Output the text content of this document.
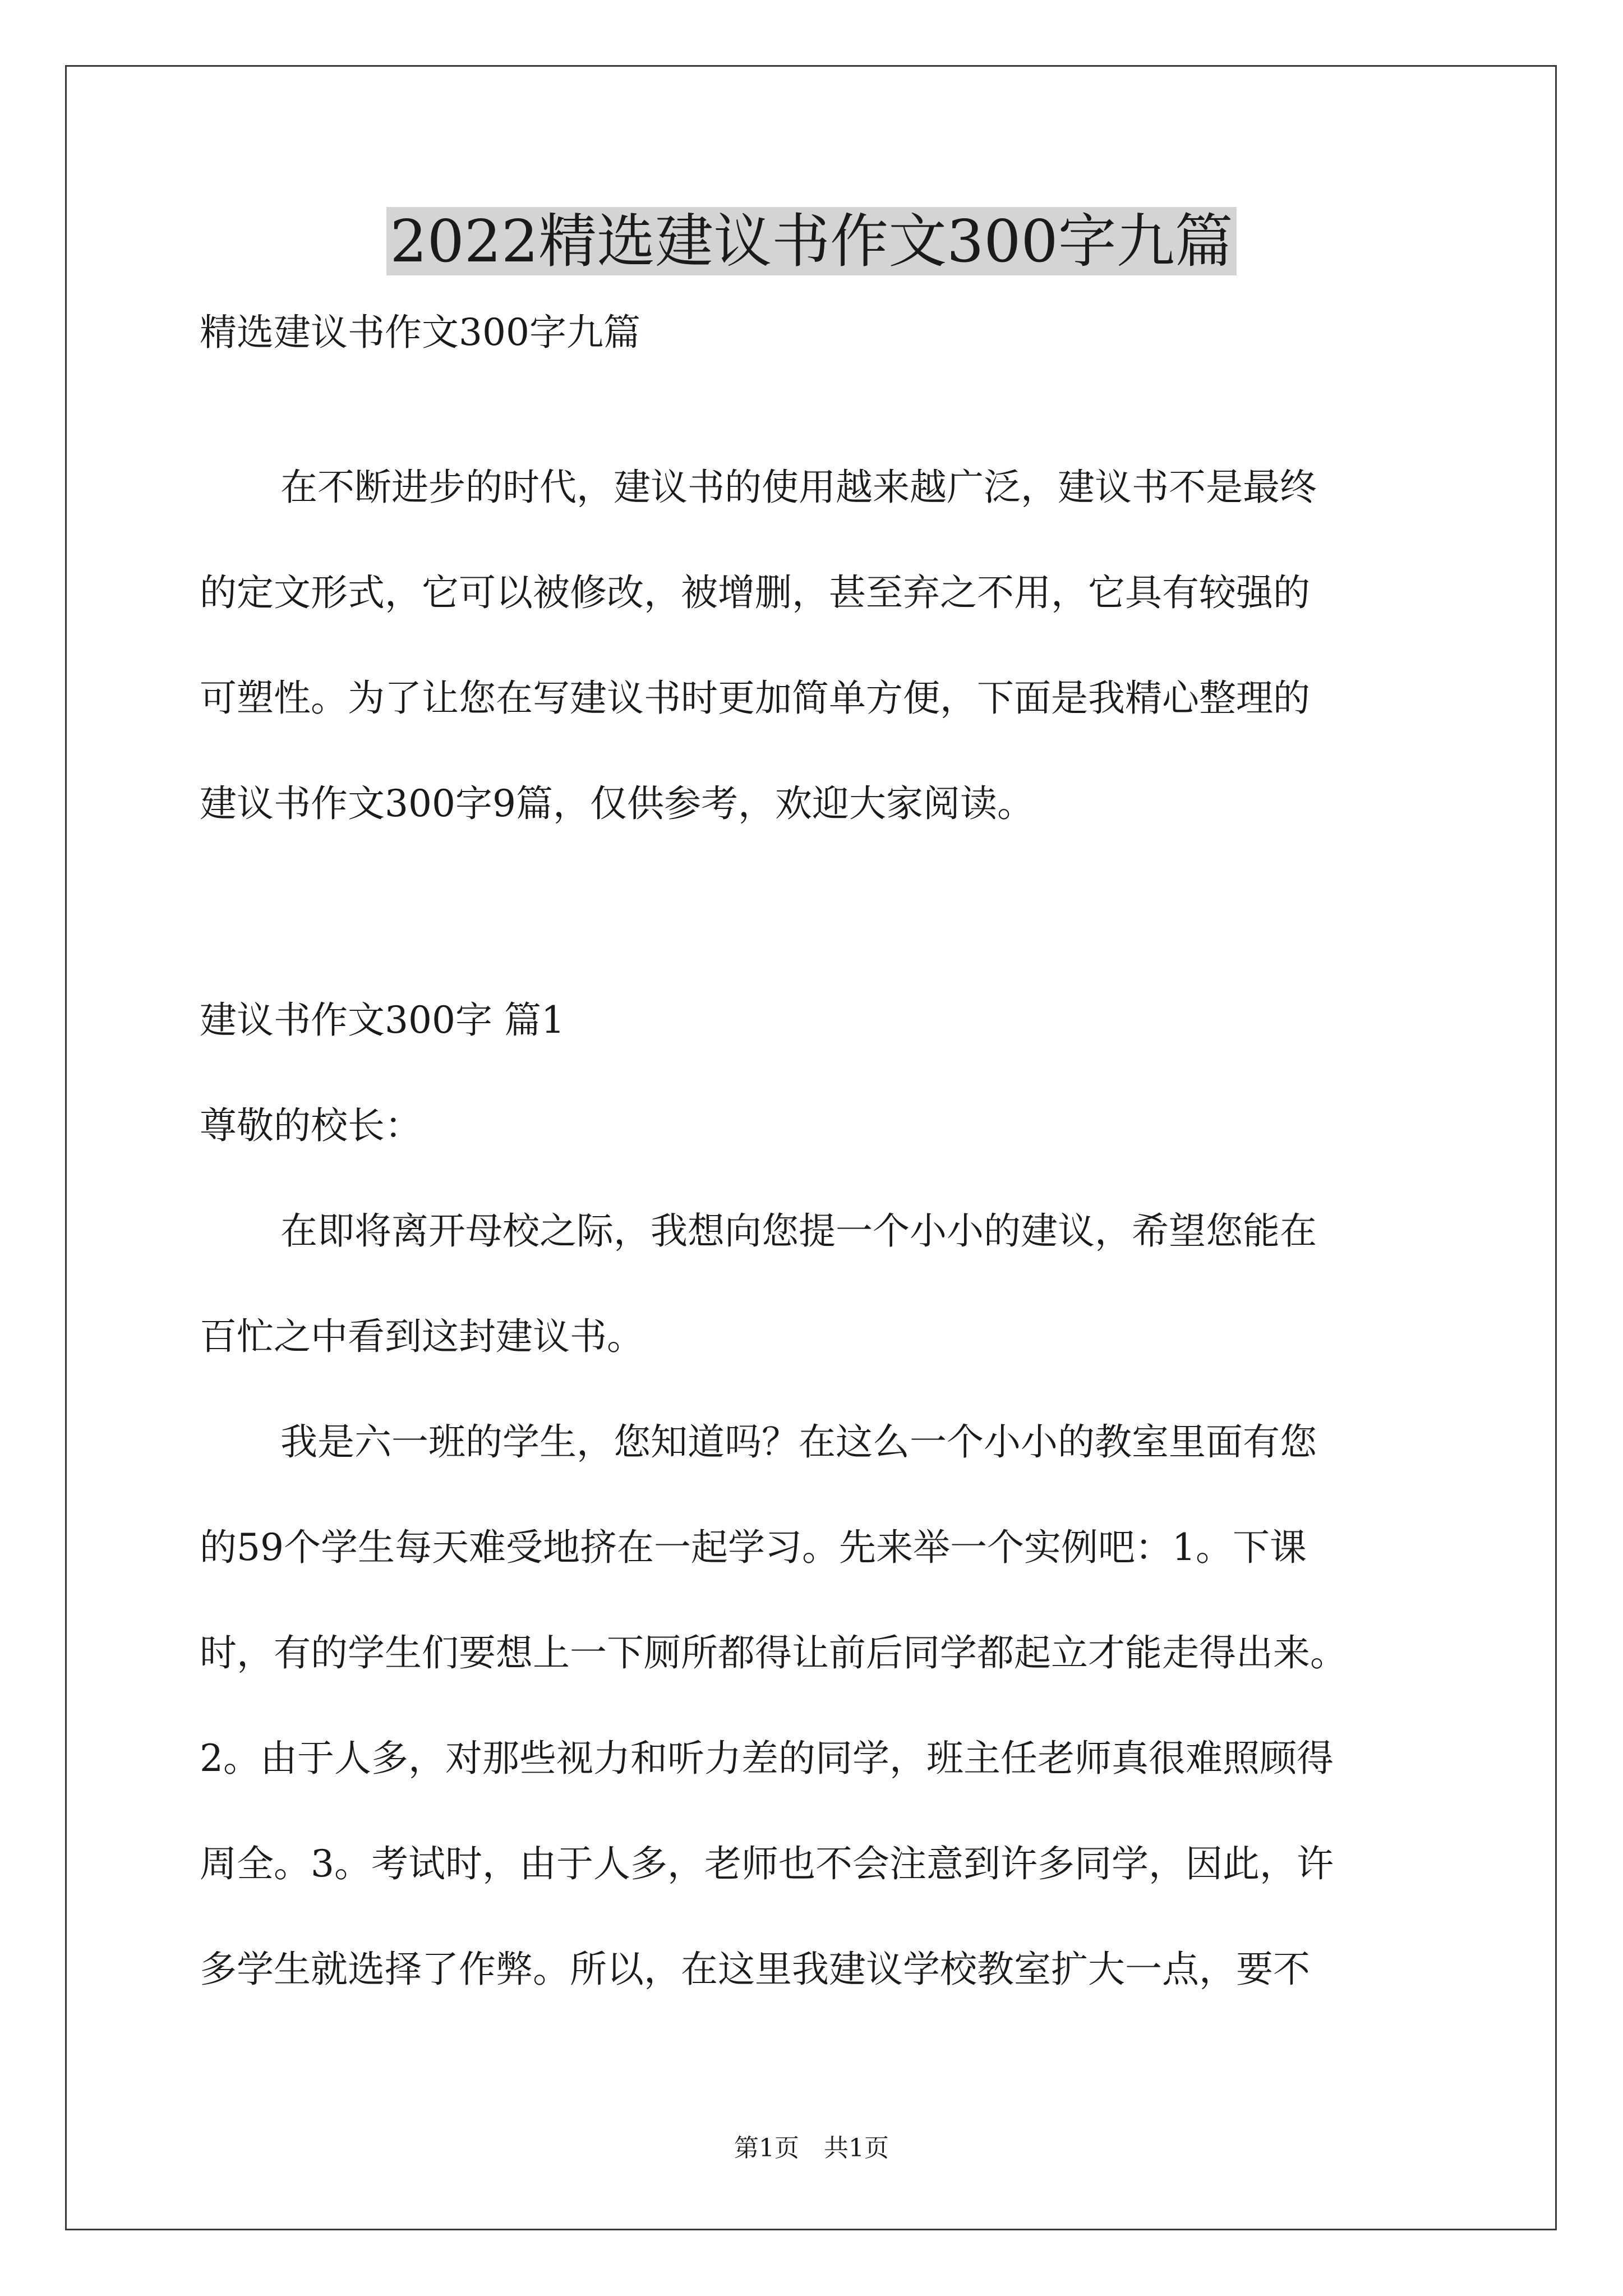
2022精选建议书作文300字九篇
精选建议书作文300字九篇
在不断进步的时代，建议书的使用越来越广泛，建议书不是最终
的定文形式，它可以被修改，被增删，甚至弃之不用，它具有较强的
可塑性。为了让您在写建议书时更加简单方便，下面是我精心整理的
建议书作文300字9篇，仅供参考，欢迎大家阅读。
建议书作文300字 篇1
尊敬的校长：
在即将离开母校之际，我想向您提一个小小的建议，希望您能在
百忙之中看到这封建议书。
我是六一班的学生，您知道吗？在这么一个小小的教室里面有您
的59个学生每天难受地挤在一起学习。先来举一个实例吧：1。下课
时，有的学生们要想上一下厕所都得让前后同学都起立才能走得出来。
2。由于人多，对那些视力和听力差的同学，班主任老师真很难照顾得
周全。3。考试时，由于人多，老师也不会注意到许多同学，因此，许
多学生就选择了作弊。所以，在这里我建议学校教室扩大一点，要不
第1页　共1页
